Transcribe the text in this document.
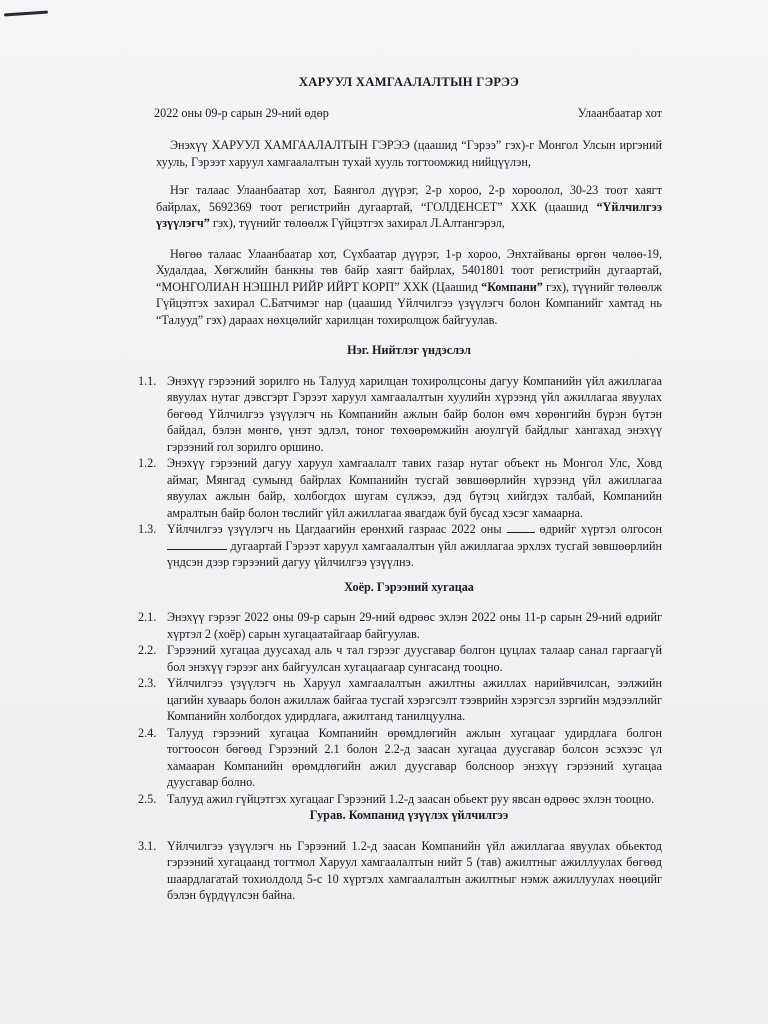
ХАРУУЛ ХАМГААЛАЛТЫН ГЭРЭЭ
2022 оны 09-р сарын 29-ний өдөр	Улаанбаатар хот

Энэхүү ХАРУУЛ ХАМГААЛАЛТЫН ГЭРЭЭ (цаашид “Гэрээ” гэх)-г Монгол Улсын иргэний хууль, Гэрээт харуул хамгаалалтын тухай хууль тогтоомжид нийцүүлэн,

Нэг талаас Улаанбаатар хот, Баянгол дүүрэг, 2-р хороо, 2-р хороолол, 30-23 тоот хаягт байрлах, 5692369 тоот регистрийн дугаартай, “ГОЛДЕНСЕТ” ХХК (цаашид “Үйлчилгээ үзүүлэгч” гэх), түүнийг төлөөлж Гүйцэтгэх захирал Л.Алтангэрэл,

Нөгөө талаас Улаанбаатар хот, Сүхбаатар дүүрэг, 1-р хороо, Энхтайваны өргөн чөлөө-19, Худалдаа, Хөгжлийн банкны төв байр хаягт байрлах, 5401801 тоот регистрийн дугаартай, “МОНГОЛИАН НЭШНЛ РИЙР ИЙРТ КОРП” ХХК (Цаашид “Компани” гэх), түүнийг төлөөлж Гүйцэтгэх захирал С.Батчимэг нар (цаашид Үйлчилгээ үзүүлэгч болон Компанийг хамтад нь “Талууд” гэх) дараах нөхцөлийг харилцан тохиролцож байгуулав.

Нэг. Нийтлэг үндэслэл
1.1. Энэхүү гэрээний зорилго нь Талууд харилцан тохиролцсоны дагуу Компанийн үйл ажиллагаа явуулах нутаг дэвсгэрт Гэрээт харуул хамгаалалтын хуулийн хүрээнд үйл ажиллагаа явуулах бөгөөд Үйлчилгээ үзүүлэгч нь Компанийн ажлын байр болон өмч хөрөнгийн бүрэн бүтэн байдал, бэлэн мөнгө, үнэт эдлэл, тоног төхөөрөмжийн аюулгүй байдлыг хангахад энэхүү гэрээний гол зорилго оршино.
1.2. Энэхүү гэрээний дагуу харуул хамгаалалт тавих газар нутаг объект нь Монгол Улс, Ховд аймаг, Мянгад сумынд байрлах Компанийн тусгай зөвшөөрлийн хүрээнд үйл ажиллагаа явуулах ажлын байр, холбогдох шугам сүлжээ, дэд бүтэц хийгдэх талбай, Компанийн амралтын байр болон төслийг үйл ажиллагаа явагдаж буй бусад хэсэг хамаарна.
1.3. Үйлчилгээ үзүүлэгч нь Цагдаагийн ерөнхий газраас 2022 оны  өдрийг хүртэл олгосон  дугаартай Гэрээт харуул хамгаалалтын үйл ажиллагаа эрхлэх тусгай зөвшөөрлийн үндсэн дээр гэрээний дагуу үйлчилгээ үзүүлнэ.
Хоёр. Гэрээний хугацаа
2.1. Энэхүү гэрээг 2022 оны 09-р сарын 29-ний өдрөөс эхлэн 2022 оны 11-р сарын 29-ний өдрийг хүртэл 2 (хоёр) сарын хугацаатайгаар байгуулав.
2.2. Гэрээний хугацаа дуусахад аль ч тал гэрээг дуусгавар болгон цуцлах талаар санал гаргаагүй бол энэхүү гэрээг анх байгуулсан хугацаагаар сунгасанд тооцно.
2.3. Үйлчилгээ үзүүлэгч нь Харуул хамгаалалтын ажилтны ажиллах нарийвчилсан, ээлжийн цагийн хуваарь болон ажиллаж байгаа тусгай хэрэгсэлт тээврийн хэрэгсэл зэргийн мэдээллийг Компанийн холбогдох удирдлага, ажилтанд танилцуулна.
2.4. Талууд гэрээний хугацаа Компанийн өрөмдлөгийн ажлын хугацааг удирдлага болгон тогтоосон бөгөөд Гэрээний 2.1 болон 2.2-д заасан хугацаа дуусгавар болсон эсэхээс үл хамааран Компанийн өрөмдлөгийн ажил дуусгавар болсноор энэхүү гэрээний хугацаа дуусгавар болно.
2.5. Талууд ажил гүйцэтгэх хугацааг Гэрээний 1.2-д заасан обьект руу явсан өдрөөс эхлэн тооцно.
Гурав. Компанид үзүүлэх үйлчилгээ
3.1. Үйлчилгээ үзүүлэгч нь Гэрээний 1.2-д заасан Компанийн үйл ажиллагаа явуулах обьектод гэрээний хугацаанд тогтмол Харуул хамгаалалтын нийт 5 (тав) ажилтныг ажиллуулах бөгөөд шаардлагатай тохиолдолд 5-с 10 хүртэлх хамгаалалтын ажилтныг нэмж ажиллуулах нөөцийг бэлэн бүрдүүлсэн байна.
